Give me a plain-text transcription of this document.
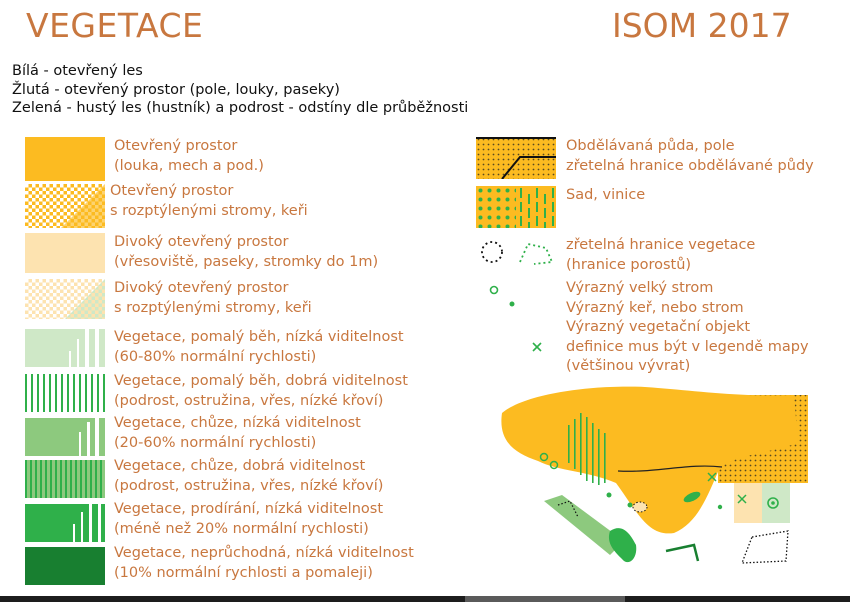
VEGETACE	ISOM 2017
Bílá - otevřený les
Žlutá - otevřený prostor (pole, louky, paseky)
Zelená - hustý les (hustník) a podrost - odstíny dle průběžnosti
Otevřený prostor
(louka, mech a pod.)
Otevřený prostor
s rozptýlenými stromy, keři
Divoký otevřený prostor
(vřesoviště, paseky, stromky do 1m)
Divoký otevřený prostor
s rozptýlenými stromy, keři
Vegetace, pomalý běh, nízká viditelnost
(60-80% normální rychlosti)
Vegetace, pomalý běh, dobrá viditelnost
(podrost, ostružina, vřes, nízké křoví)
Vegetace, chůze, nízká viditelnost
(20-60% normální rychlosti)
Vegetace, chůze, dobrá viditelnost
(podrost, ostružina, vřes, nízké křoví)
Vegetace, prodírání, nízká viditelnost
(méně než 20% normální rychlosti)
Vegetace, neprůchodná, nízká viditelnost
(10% normální rychlosti a pomaleji)
Obdělávaná půda, pole
zřetelná hranice obdělávané půdy
Sad, vinice
zřetelná hranice vegetace
(hranice porostů)
Výrazný velký strom
Výrazný keř, nebo strom
Výrazný vegetační objekt
definice mus být v legendě mapy
(většinou vývrat)
